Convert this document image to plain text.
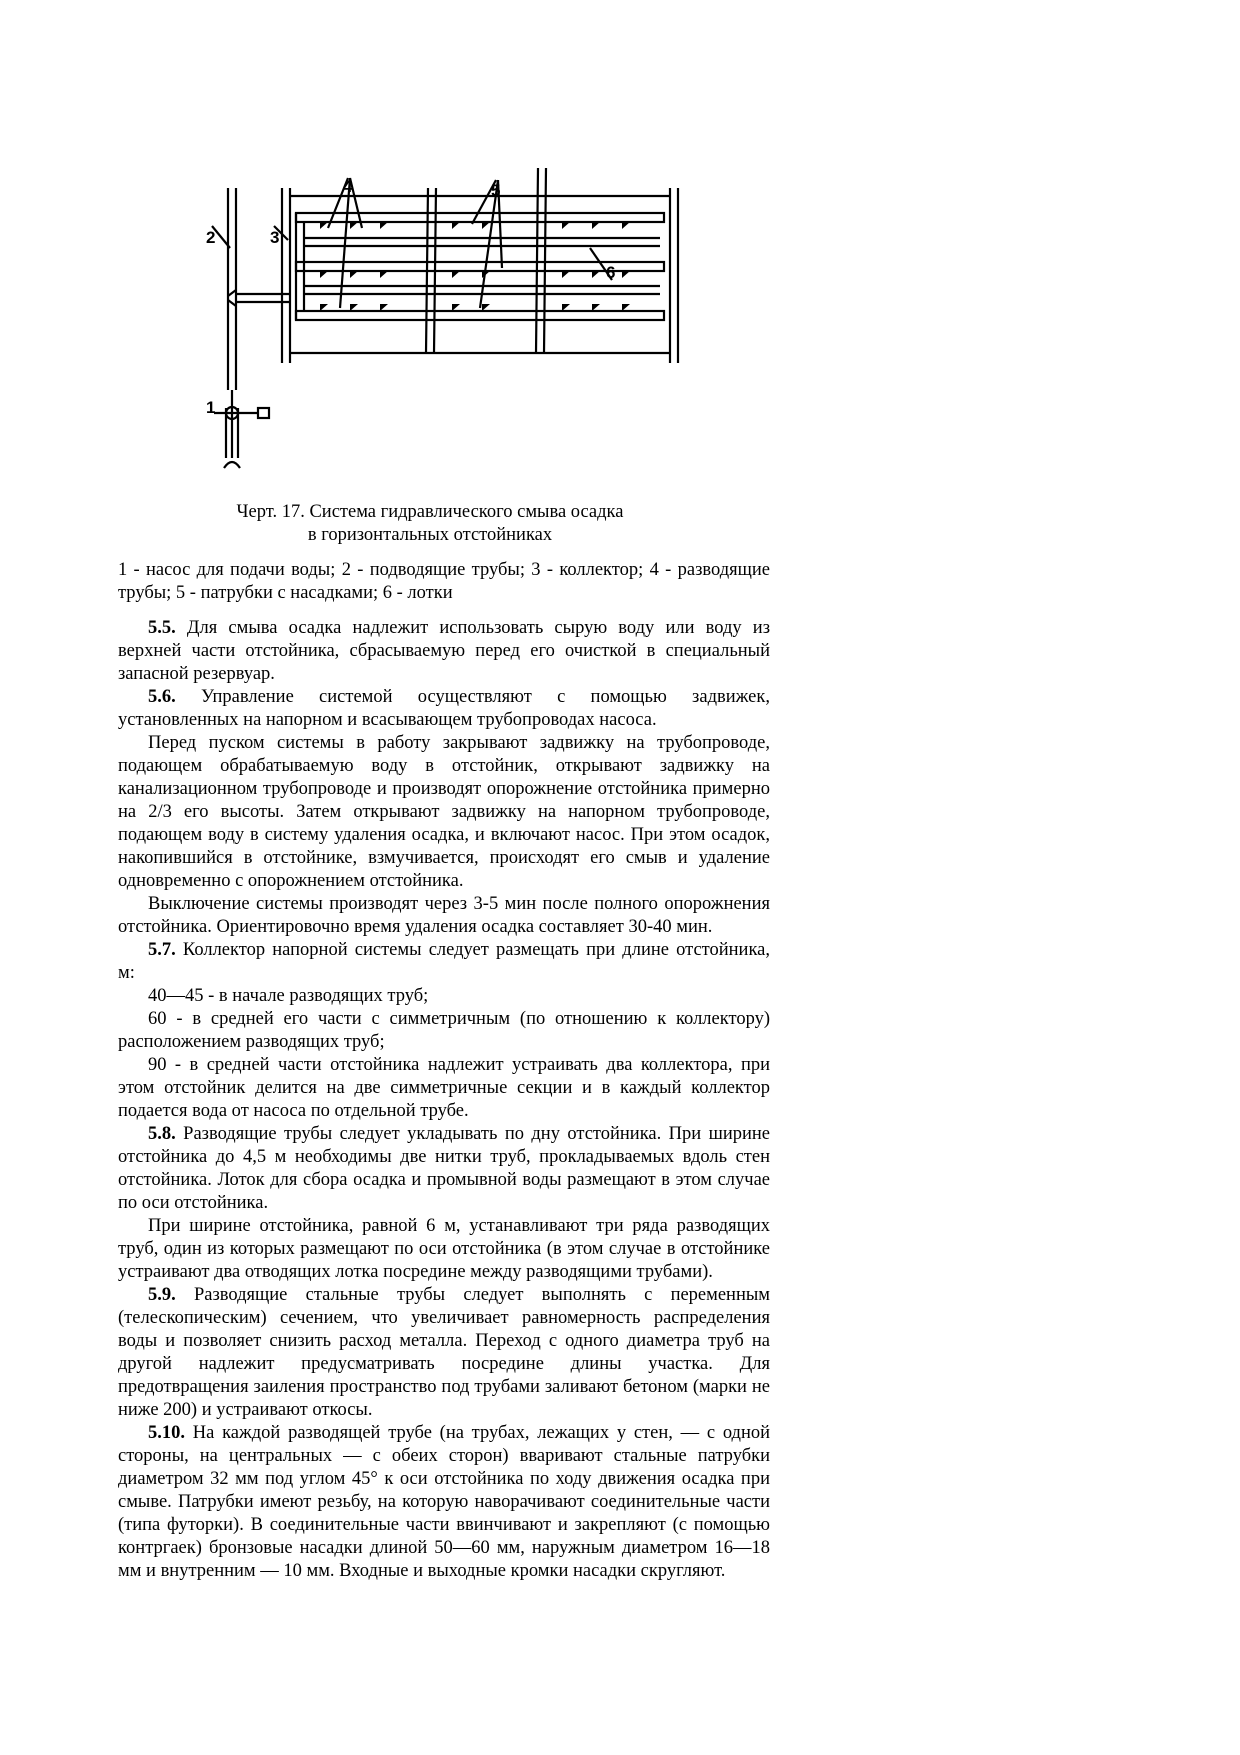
1
2	3
4	5
6
Черт. 17. Система гидравлического смыва осадка
в горизонтальных отстойниках
1 - насос для подачи воды; 2 - подводящие трубы; 3 - коллектор; 4 - разводящие трубы; 5 - патрубки с насадками; 6 - лотки

5.5. Для смыва осадка надлежит использовать сырую воду или воду из верхней части отстойника, сбрасываемую перед его очисткой в специальный запасной резервуар.

5.6. Управление системой осуществляют с помощью задвижек, установленных на напорном и всасывающем трубопроводах насоса.

Перед пуском системы в работу закрывают задвижку на трубопроводе, подающем обрабатываемую воду в отстойник, открывают задвижку на канализационном трубопроводе и производят опорожнение отстойника примерно на 2/3 его высоты. Затем открывают задвижку на напорном трубопроводе, подающем воду в систему удаления осадка, и включают насос. При этом осадок, накопившийся в отстойнике, взмучивается, происходят его смыв и удаление одновременно с опорожнением отстойника.

Выключение системы производят через 3-5 мин после полного опорожнения отстойника. Ориентировочно время удаления осадка составляет 30-40 мин.

5.7. Коллектор напорной системы следует размещать при длине отстойника, м:

40—45 - в начале разводящих труб;

60 - в средней его части с симметричным (по отношению к коллектору) расположением разводящих труб;

90 - в средней части отстойника надлежит устраивать два коллектора, при этом отстойник делится на две симметричные секции и в каждый коллектор подается вода от насоса по отдельной трубе.

5.8. Разводящие трубы следует укладывать по дну отстойника. При ширине отстойника до 4,5 м необходимы две нитки труб, прокладываемых вдоль стен отстойника. Лоток для сбора осадка и промывной воды размещают в этом случае по оси отстойника.

При ширине отстойника, равной 6 м, устанавливают три ряда разводящих труб, один из которых размещают по оси отстойника (в этом случае в отстойнике устраивают два отводящих лотка посредине между разводящими трубами).

5.9. Разводящие стальные трубы следует выполнять с переменным (телескопическим) сечением, что увеличивает равномерность распределения воды и позволяет снизить расход металла. Переход с одного диаметра труб на другой надлежит предусматривать посредине длины участка. Для предотвращения заиления пространство под трубами заливают бетоном (марки не ниже 200) и устраивают откосы.

5.10. На каждой разводящей трубе (на трубах, лежащих у стен, — с одной стороны, на центральных — с обеих сторон) вваривают стальные патрубки диаметром 32 мм под углом 45° к оси отстойника по ходу движения осадка при смыве. Патрубки имеют резьбу, на которую наворачивают соединительные части (типа футорки). В соединительные части ввинчивают и закрепляют (с помощью контргаек) бронзовые насадки длиной 50—60 мм, наружным диаметром 16—18 мм и внутренним — 10 мм. Входные и выходные кромки насадки скругляют.
